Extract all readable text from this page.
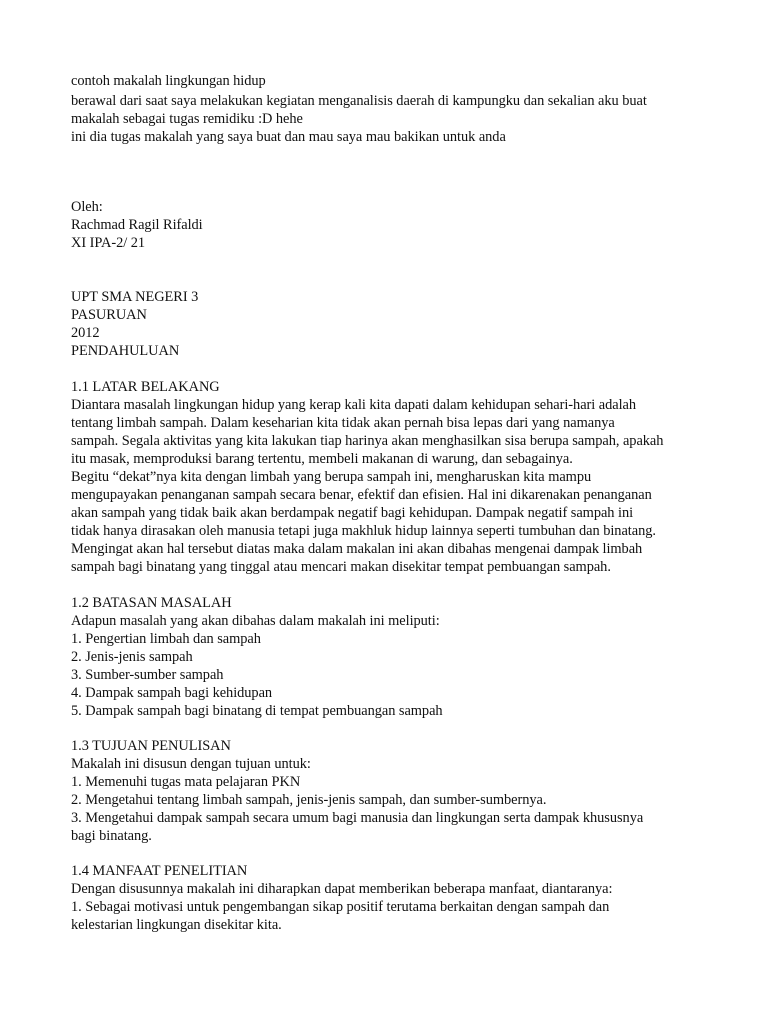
contoh makalah lingkungan hidup
berawal dari saat saya melakukan kegiatan menganalisis daerah di kampungku dan sekalian aku buat
makalah sebagai tugas remidiku :D hehe
ini dia tugas makalah yang saya buat dan mau saya mau bakikan untuk anda
Oleh:
Rachmad Ragil Rifaldi
XI IPA-2/ 21
UPT SMA NEGERI 3
PASURUAN
2012
PENDAHULUAN
1.1 LATAR BELAKANG
Diantara masalah lingkungan hidup yang kerap kali kita dapati dalam kehidupan sehari-hari adalah
tentang limbah sampah. Dalam keseharian kita tidak akan pernah bisa lepas dari yang namanya
sampah. Segala aktivitas yang kita lakukan tiap harinya akan menghasilkan sisa berupa sampah, apakah
itu masak, memproduksi barang tertentu, membeli makanan di warung, dan sebagainya.
Begitu “dekat”nya kita dengan limbah yang berupa sampah ini, mengharuskan kita mampu
mengupayakan penanganan sampah secara benar, efektif dan efisien. Hal ini dikarenakan penanganan
akan sampah yang tidak baik akan berdampak negatif bagi kehidupan. Dampak negatif sampah ini
tidak hanya dirasakan oleh manusia tetapi juga makhluk hidup lainnya seperti tumbuhan dan binatang.
Mengingat akan hal tersebut diatas maka dalam makalan ini akan dibahas mengenai dampak limbah
sampah bagi binatang yang tinggal atau mencari makan disekitar tempat pembuangan sampah.
1.2 BATASAN MASALAH
Adapun masalah yang akan dibahas dalam makalah ini meliputi:
1. Pengertian limbah dan sampah
2. Jenis-jenis sampah
3. Sumber-sumber sampah
4. Dampak sampah bagi kehidupan
5. Dampak sampah bagi binatang di tempat pembuangan sampah
1.3 TUJUAN PENULISAN
Makalah ini disusun dengan tujuan untuk:
1. Memenuhi tugas mata pelajaran PKN
2. Mengetahui tentang limbah sampah, jenis-jenis sampah, dan sumber-sumbernya.
3. Mengetahui dampak sampah secara umum bagi manusia dan lingkungan serta dampak khususnya
bagi binatang.
1.4 MANFAAT PENELITIAN
Dengan disusunnya makalah ini diharapkan dapat memberikan beberapa manfaat, diantaranya:
1. Sebagai motivasi untuk pengembangan sikap positif terutama berkaitan dengan sampah dan
kelestarian lingkungan disekitar kita.
